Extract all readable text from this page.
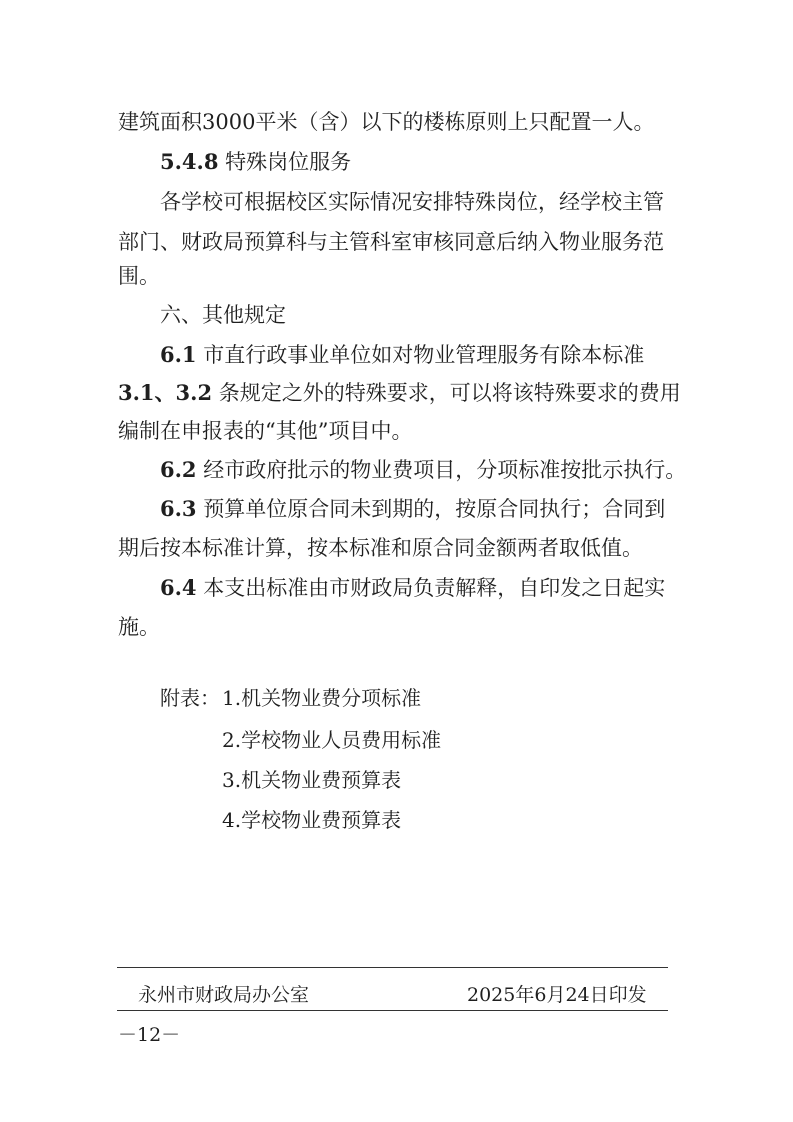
建筑面积3000平米（含）以下的楼栋原则上只配置一人。
5.4.8 特殊岗位服务
各学校可根据校区实际情况安排特殊岗位，经学校主管
部门、财政局预算科与主管科室审核同意后纳入物业服务范
围。
六、其他规定
6.1 市直行政事业单位如对物业管理服务有除本标准
3.1、3.2 条规定之外的特殊要求，可以将该特殊要求的费用
编制在申报表的“其他”项目中。
6.2 经市政府批示的物业费项目，分项标准按批示执行。
6.3 预算单位原合同未到期的，按原合同执行；合同到
期后按本标准计算，按本标准和原合同金额两者取低值。
6.4 本支出标准由市财政局负责解释，自印发之日起实
施。
附表： 1.机关物业费分项标准
2.学校物业人员费用标准
3.机关物业费预算表
4.学校物业费预算表
永州市财政局办公室	2025年6月24日印发
－12－
